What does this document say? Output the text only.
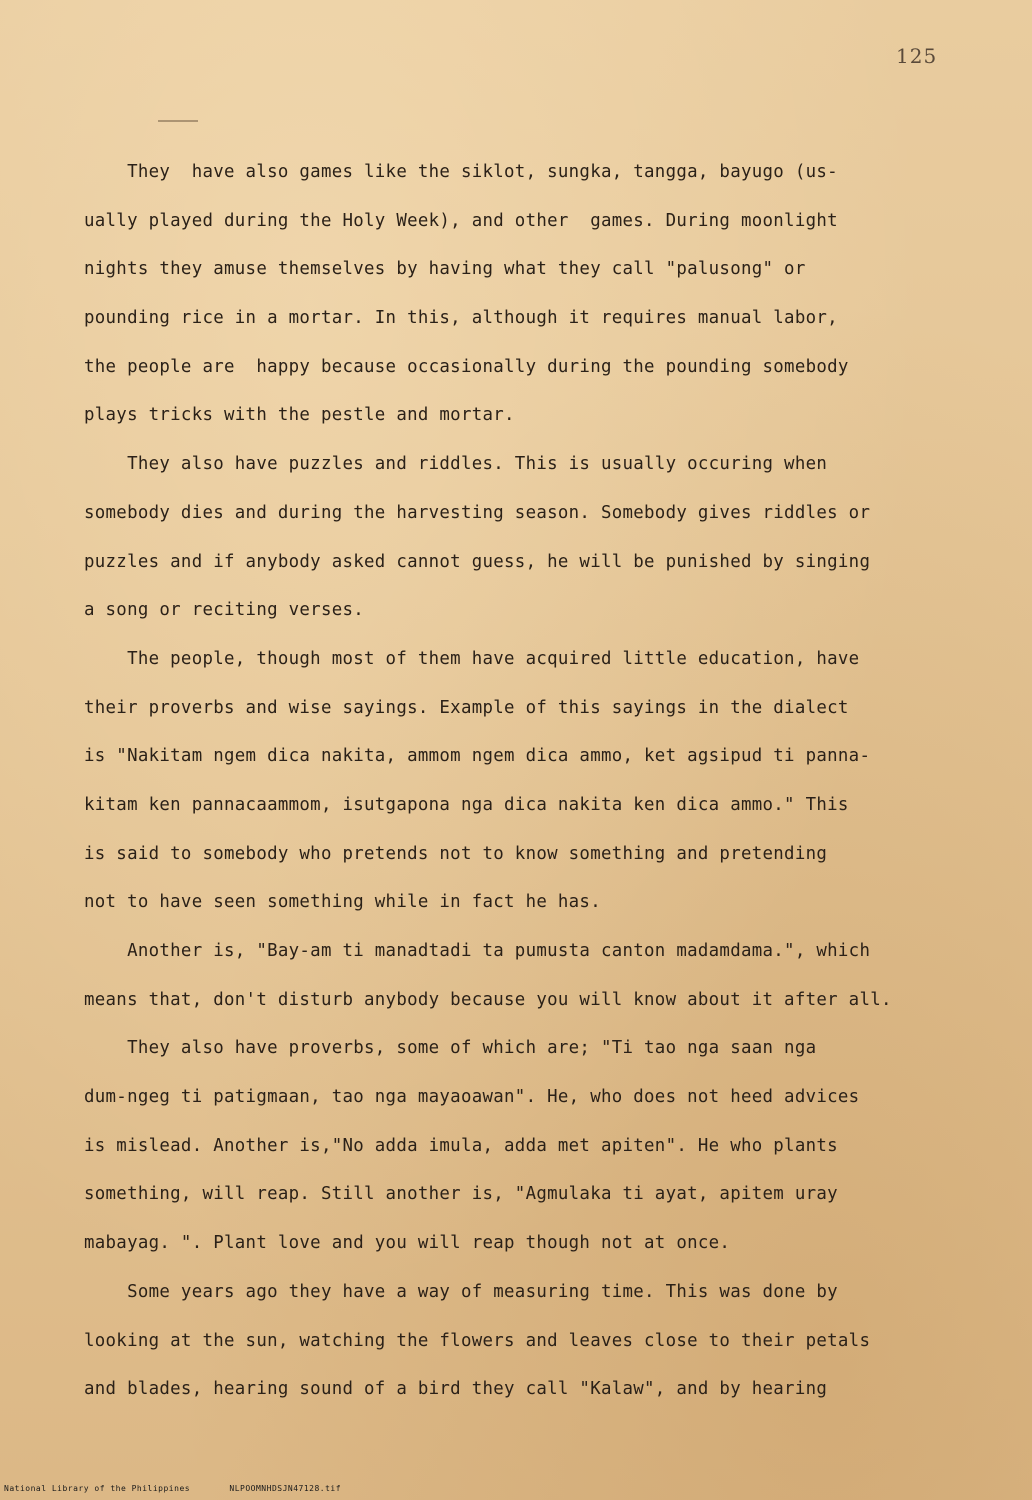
125
They  have also games like the siklot, sungka, tangga, bayugo (us-
ually played during the Holy Week), and other  games. During moonlight
nights they amuse themselves by having what they call "palusong" or
pounding rice in a mortar. In this, although it requires manual labor,
the people are  happy because occasionally during the pounding somebody
plays tricks with the pestle and mortar.
They also have puzzles and riddles. This is usually occuring when
somebody dies and during the harvesting season. Somebody gives riddles or
puzzles and if anybody asked cannot guess, he will be punished by singing
a song or reciting verses.
The people, though most of them have acquired little education, have
their proverbs and wise sayings. Example of this sayings in the dialect
is "Nakitam ngem dica nakita, ammom ngem dica ammo, ket agsipud ti panna-
kitam ken pannacaammom, isutgapona nga dica nakita ken dica ammo." This
is said to somebody who pretends not to know something and pretending
not to have seen something while in fact he has.
Another is, "Bay-am ti manadtadi ta pumusta canton madamdama.", which
means that, don't disturb anybody because you will know about it after all.
They also have proverbs, some of which are; "Ti tao nga saan nga
dum-ngeg ti patigmaan, tao nga mayaoawan". He, who does not heed advices
is mislead. Another is,"No adda imula, adda met apiten". He who plants
something, will reap. Still another is, "Agmulaka ti ayat, apitem uray
mabayag. ". Plant love and you will reap though not at once.
Some years ago they have a way of measuring time. This was done by
looking at the sun, watching the flowers and leaves close to their petals
and blades, hearing sound of a bird they call "Kalaw", and by hearing
National Library of the Philippines	NLPOOMNHDSJN47128.tif
